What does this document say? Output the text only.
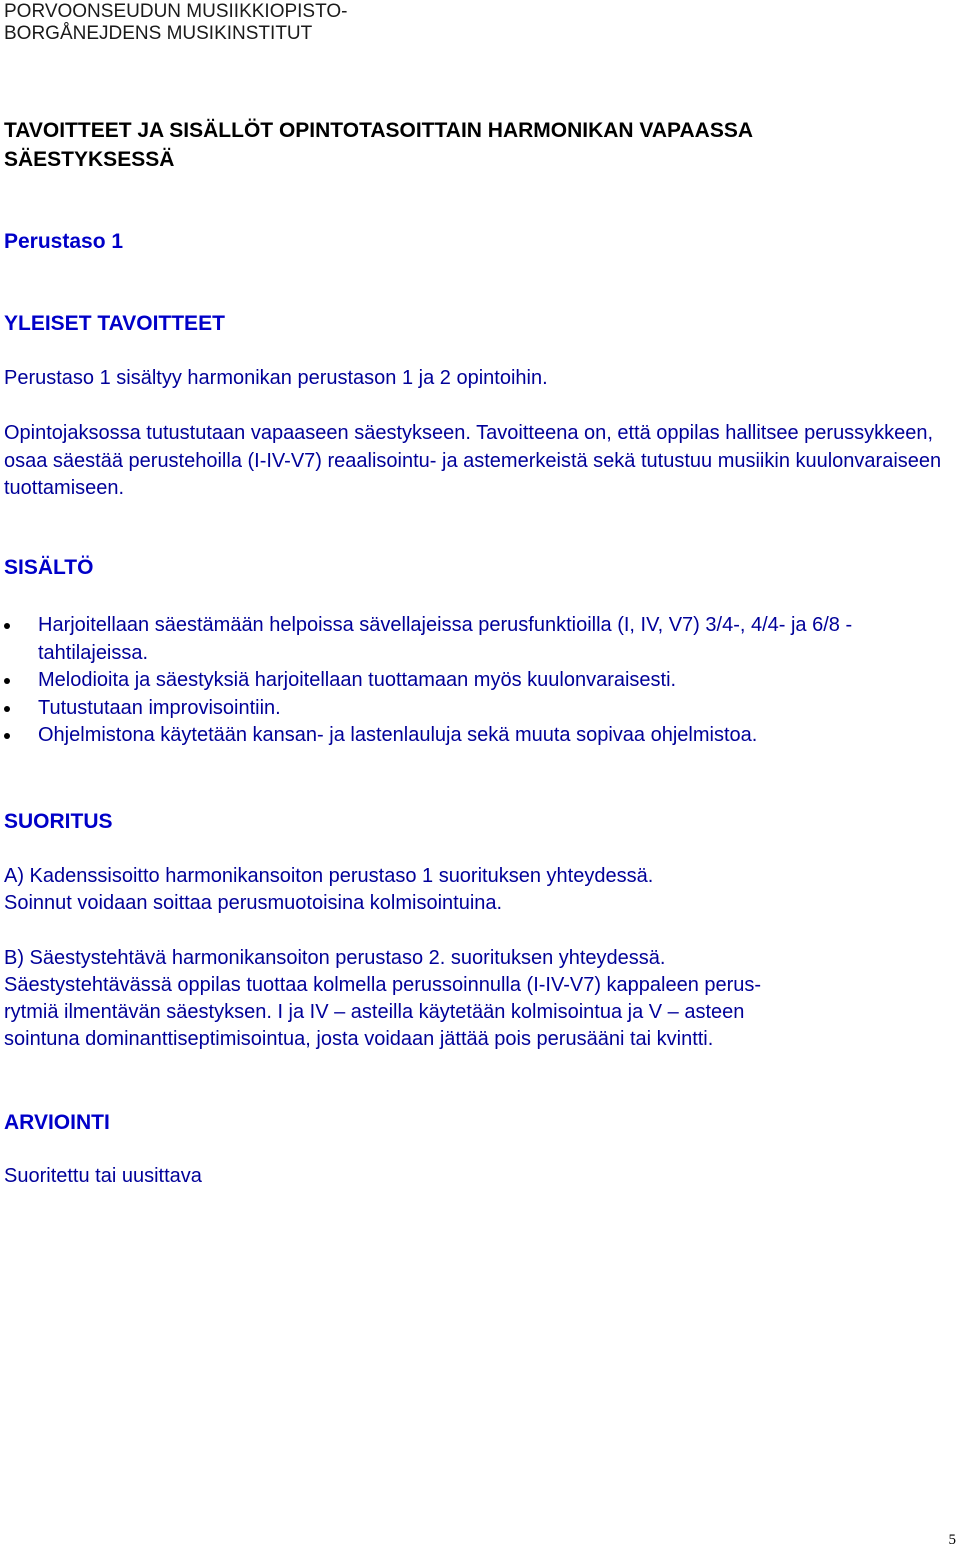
PORVOONSEUDUN MUSIIKKIOPISTO-
BORGÅNEJDENS MUSIKINSTITUT
TAVOITTEET JA SISÄLLÖT OPINTOTASOITTAIN HARMONIKAN VAPAASSA
SÄESTYKSESSÄ
Perustaso 1
YLEISET TAVOITTEET

Perustaso 1 sisältyy harmonikan perustason 1 ja 2 opintoihin.

Opintojaksossa tutustutaan vapaaseen säestykseen. Tavoitteena on, että oppilas hallitsee perussykkeen, osaa säestää perustehoilla (I-IV-V7) reaalisointu- ja astemerkeistä sekä tutustuu musiikin kuulonvaraiseen tuottamiseen.

SISÄLTÖ
Harjoitellaan säestämään helpoissa sävellajeissa perusfunktioilla (I, IV, V7) 3/4-, 4/4- ja 6/8 - tahtilajeissa.
Melodioita ja säestyksiä harjoitellaan tuottamaan myös kuulonvaraisesti.
Tutustutaan improvisointiin.
Ohjelmistona käytetään kansan- ja lastenlauluja sekä muuta sopivaa ohjelmistoa.
SUORITUS
A) Kadenssisoitto harmonikansoiton perustaso 1 suorituksen yhteydessä.
Soinnut voidaan soittaa perusmuotoisina kolmisointuina.
B) Säestystehtävä harmonikansoiton perustaso 2. suorituksen yhteydessä.
Säestystehtävässä oppilas tuottaa kolmella perussoinnulla (I-IV-V7) kappaleen perus-
rytmiä ilmentävän säestyksen. I ja IV – asteilla käytetään kolmisointua ja V – asteen
sointuna dominanttiseptimisointua, josta voidaan jättää pois perusääni tai kvintti.
ARVIOINTI
Suoritettu tai uusittava
5
